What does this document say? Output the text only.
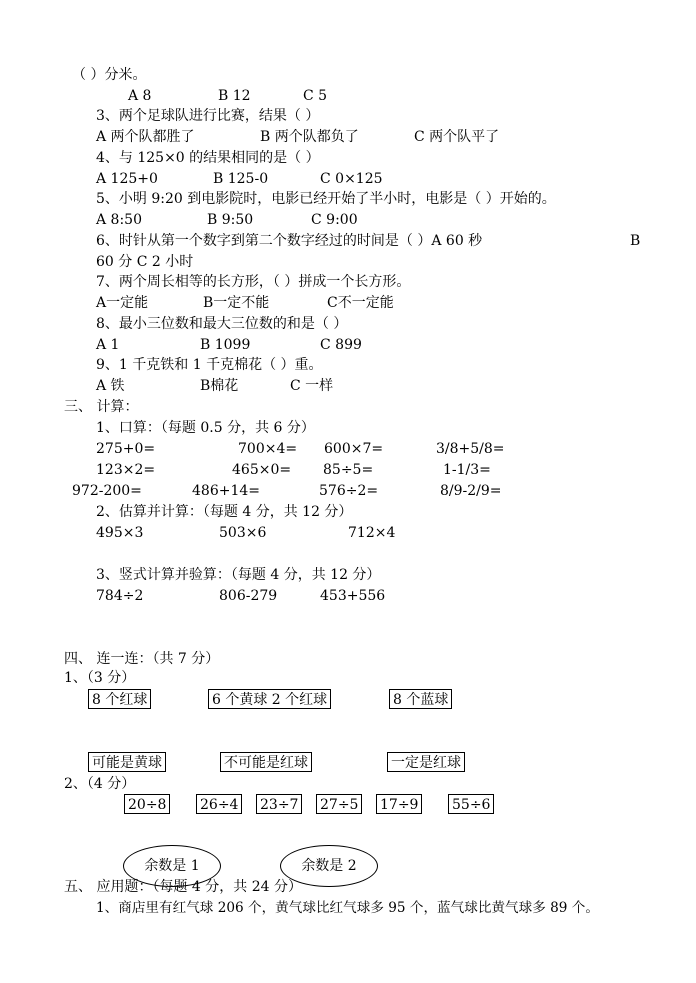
（ ）分米。
A 8	B 12	C 5
3、两个足球队进行比赛，结果（ ）
A 两个队都胜了	B 两个队都负了	C 两个队平了
4、与 125×0 的结果相同的是（ ）
A 125+0	B 125-0	C 0×125
5、小明 9:20 到电影院时，电影已经开始了半小时，电影是（ ）开始的。
A 8:50	B 9:50	C 9:00
6、时针从第一个数字到第二个数字经过的时间是（ ）A 60 秒	B
60 分 C 2 小时
7、两个周长相等的长方形，（ ）拼成一个长方形。
A一定能	B一定不能	C不一定能
8、最小三位数和最大三位数的和是（ ）
A 1	B 1099	C 899
9、1 千克铁和 1 千克棉花（ ）重。
A 铁	B棉花	C 一样
三、 计算：
1、口算：（每题 0.5 分，共 6 分）
275+0=	700×4= 600×7=	3/8+5/8=
123×2=	465×0= 85÷5=	1-1/3=
972-200=	486+14=	576÷2=	8/9-2/9=
2、估算并计算：（每题 4 分，共 12 分）
495×3	503×6	712×4
3、竖式计算并验算：（每题 4 分，共 12 分）
784÷2	806-279	453+556
四、 连一连：（共 7 分）
1、（3 分）
8 个红球	6 个黄球 2 个红球	8 个蓝球
可能是黄球	不可能是红球	一定是红球
2、（4 分）
20÷8 26÷4 23÷7 27÷5 17÷9 55÷6
余数是 1	余数是 2
五、 应用题：（每题 4 分，共 24 分）
1、商店里有红气球 206 个，黄气球比红气球多 95 个，蓝气球比黄气球多 89 个。
